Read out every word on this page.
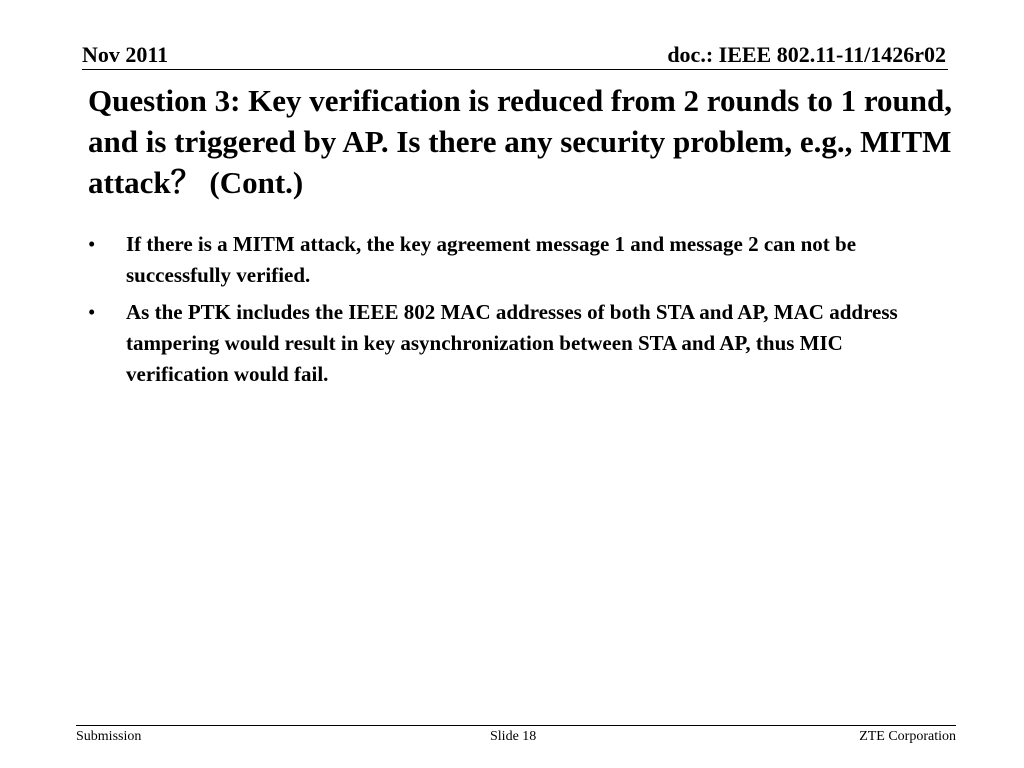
Nov 2011	doc.: IEEE 802.11-11/1426r02
Question 3: Key verification is reduced from 2 rounds to 1 round, and is triggered by AP. Is there any security problem, e.g., MITM attack？ (Cont.)
• If there is a MITM attack, the key agreement message 1 and message 2 can not be successfully verified.
• As the PTK includes the IEEE 802 MAC addresses of both STA and AP, MAC address tampering would result in key asynchronization between STA and AP, thus MIC verification would fail.
Submission	Slide 18	ZTE Corporation
